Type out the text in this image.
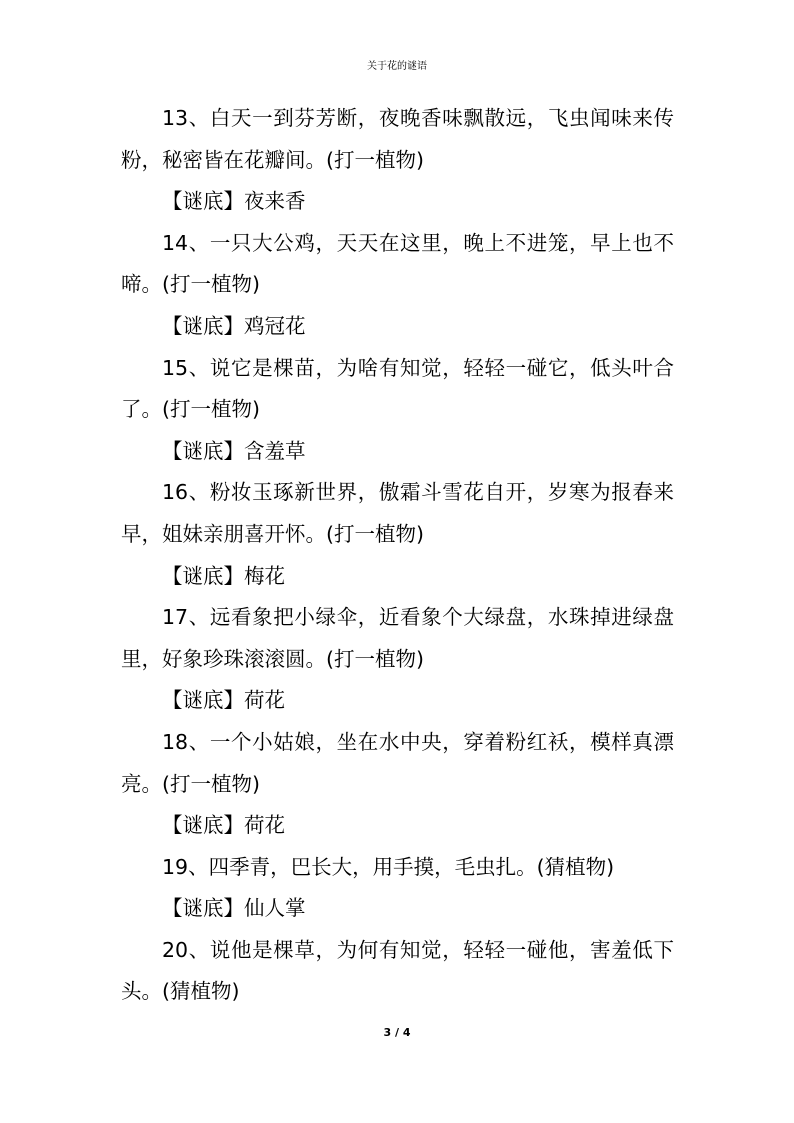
关于花的谜语

13、白天一到芬芳断，夜晚香味飘散远，飞虫闻味来传粉，秘密皆在花瓣间。(打一植物)

【谜底】夜来香

14、一只大公鸡，天天在这里，晚上不进笼，早上也不啼。(打一植物)

【谜底】鸡冠花

15、说它是棵苗，为啥有知觉，轻轻一碰它，低头叶合了。(打一植物)

【谜底】含羞草

16、粉妆玉琢新世界，傲霜斗雪花自开，岁寒为报春来早，姐妹亲朋喜开怀。(打一植物)

【谜底】梅花

17、远看象把小绿伞，近看象个大绿盘，水珠掉进绿盘里，好象珍珠滚滚圆。(打一植物)

【谜底】荷花

18、一个小姑娘，坐在水中央，穿着粉红袄，模样真漂亮。(打一植物)

【谜底】荷花

19、四季青，巴长大，用手摸，毛虫扎。(猜植物)

【谜底】仙人掌

20、说他是棵草，为何有知觉，轻轻一碰他，害羞低下头。(猜植物)

3 / 4
